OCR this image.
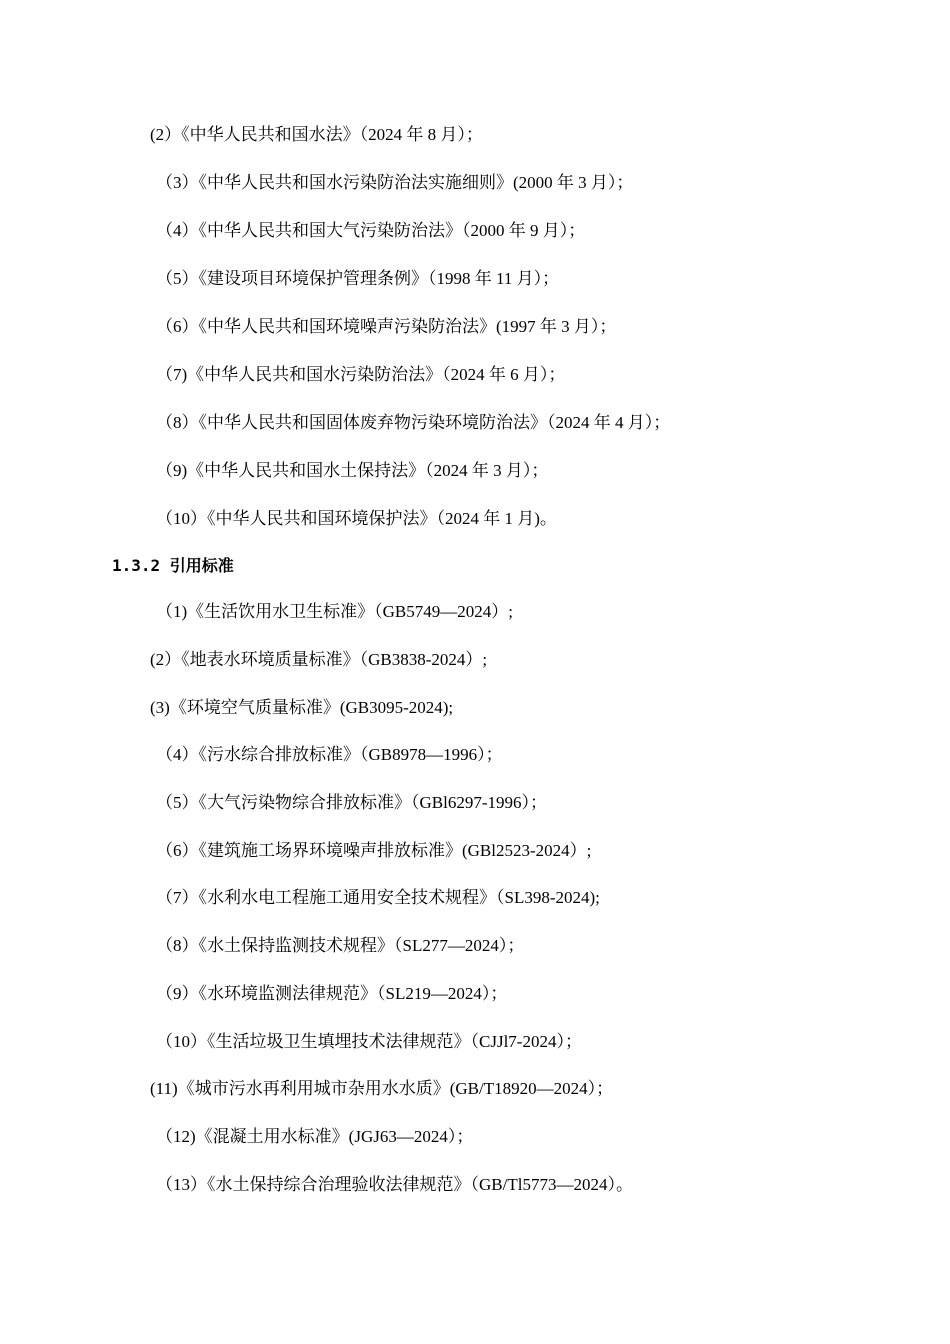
(2）《中华人民共和国水法》（2024 年 8 月）；
（3）《中华人民共和国水污染防治法实施细则》(2000 年 3 月）；
（4）《中华人民共和国大气污染防治法》（2000 年 9 月）；
（5）《建设项目环境保护管理条例》（1998 年 11 月）；
（6）《中华人民共和国环境噪声污染防治法》(1997 年 3 月）；
（7)《中华人民共和国水污染防治法》（2024 年 6 月）；
（8）《中华人民共和国固体废弃物污染环境防治法》（2024 年 4 月）；
（9)《中华人民共和国水土保持法》（2024 年 3 月）；
（10）《中华人民共和国环境保护法》（2024 年 1 月)。
1.3.2 引用标准
（1)《生活饮用水卫生标准》（GB5749—2024）;
(2）《地表水环境质量标准》（GB3838-2024）;
(3)《环境空气质量标准》(GB3095-2024);
（4）《污水综合排放标准》（GB8978—1996）；
（5）《大气污染物综合排放标准》（GBl6297-1996）；
（6）《建筑施工场界环境噪声排放标准》(GBl2523-2024）;
（7）《水利水电工程施工通用安全技术规程》（SL398-2024);
（8）《水土保持监测技术规程》（SL277—2024）；
（9）《水环境监测法律规范》（SL219—2024）；
（10）《生活垃圾卫生填埋技术法律规范》（CJJl7-2024）；
(11)《城市污水再利用城市杂用水水质》(GB/T18920—2024）；
（12)《混凝土用水标准》(JGJ63—2024）；
（13）《水土保持综合治理验收法律规范》（GB/Tl5773—2024）。
